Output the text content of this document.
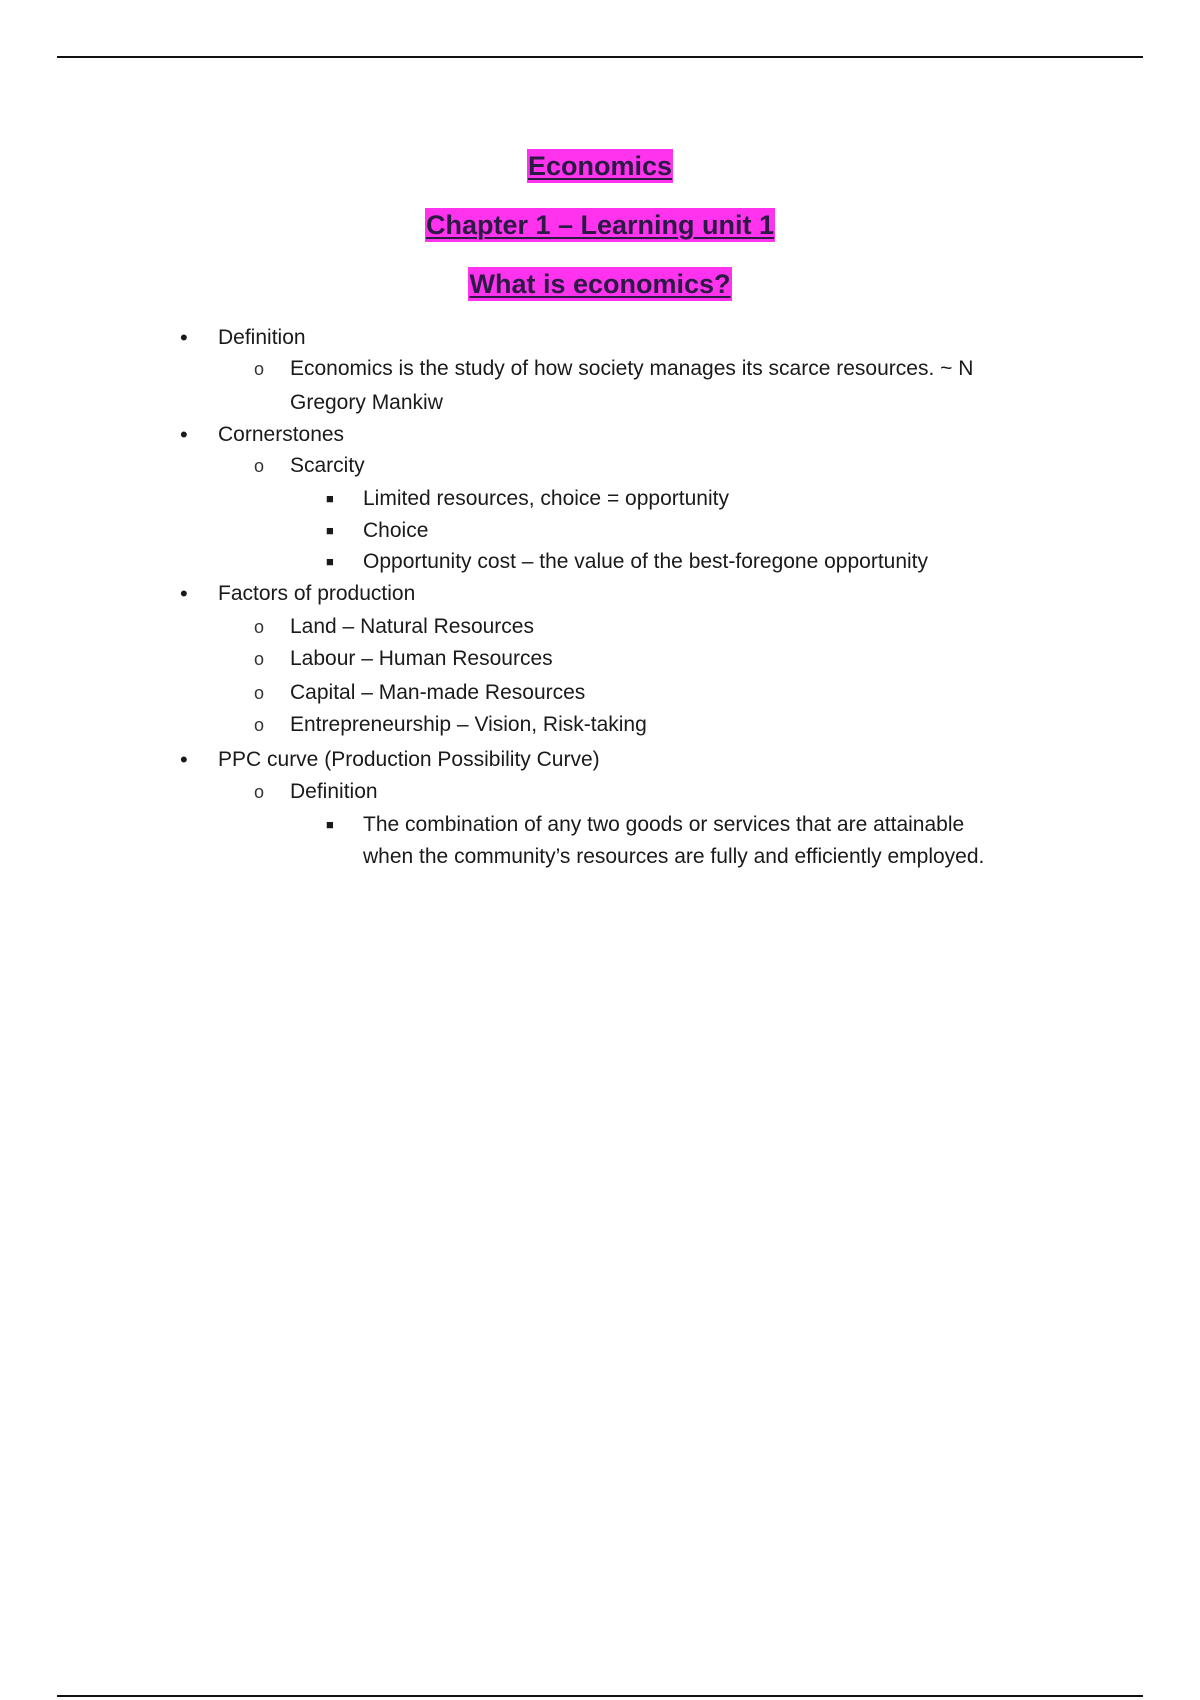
Economics
Chapter 1 – Learning unit 1
What is economics?
• Definition
o Economics is the study of how society manages its scarce resources. ~ N
Gregory Mankiw
• Cornerstones
o Scarcity
■ Limited resources, choice = opportunity
■ Choice
■ Opportunity cost – the value of the best-foregone opportunity
• Factors of production
o Land – Natural Resources
o Labour – Human Resources
o Capital – Man-made Resources
o Entrepreneurship – Vision, Risk-taking
• PPC curve (Production Possibility Curve)
o Definition
■ The combination of any two goods or services that are attainable
when the community’s resources are fully and efficiently employed.
